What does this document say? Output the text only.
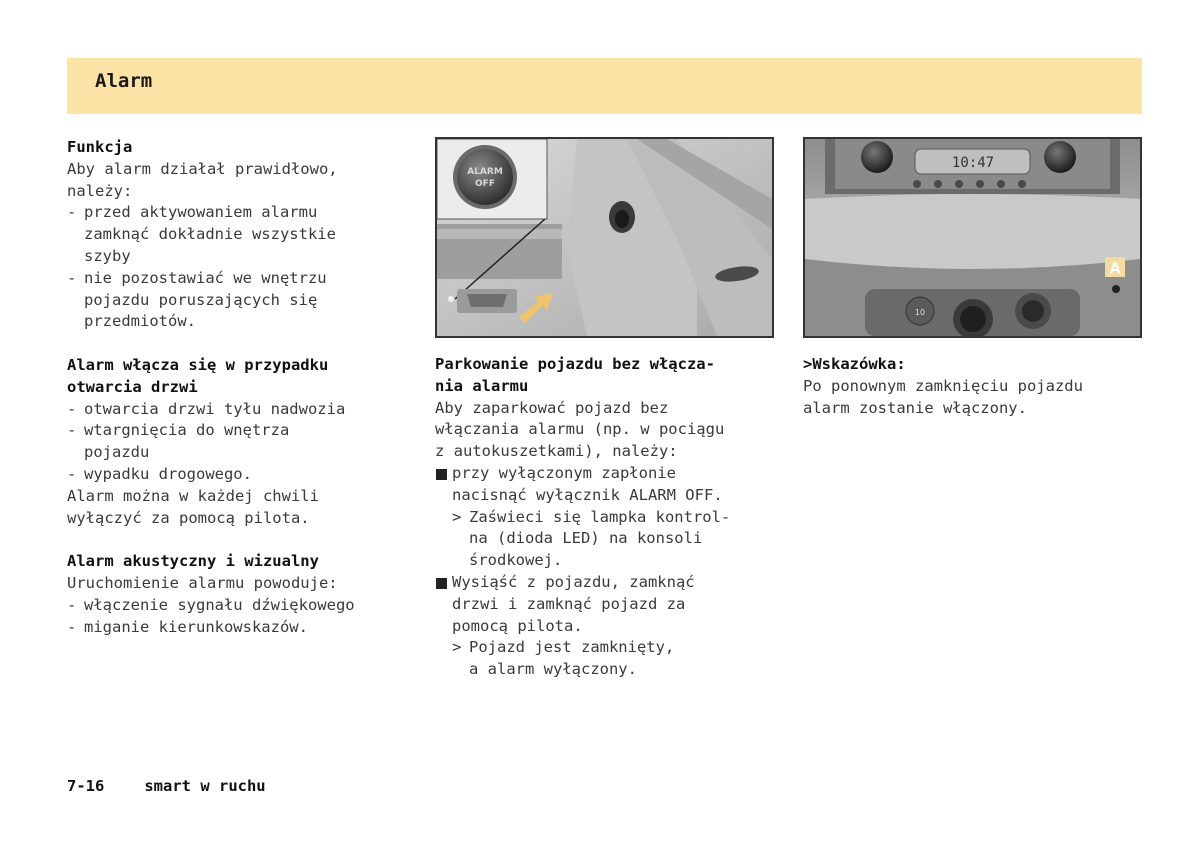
Alarm
Funkcja
Aby alarm działał prawidłowo,
należy:
- przed aktywowaniem alarmu
zamknąć dokładnie wszystkie
szyby
- nie pozostawiać we wnętrzu
pojazdu poruszających się
przedmiotów.
Alarm włącza się w przypadku
otwarcia drzwi
- otwarcia drzwi tyłu nadwozia
- wtargnięcia do wnętrza
pojazdu
- wypadku drogowego.
Alarm można w każdej chwili
wyłączyć za pomocą pilota.
Alarm akustyczny i wizualny
Uruchomienie alarmu powoduje:
- włączenie sygnału dźwiękowego
- miganie kierunkowskazów.
ALARM
OFF
10:47
10
A
Parkowanie pojazdu bez włącza-
nia alarmu
Aby zaparkować pojazd bez
włączania alarmu (np. w pociągu
z autokuszetkami), należy:
przy wyłączonym zapłonie
nacisnąć wyłącznik ALARM OFF.
> Zaświeci się lampka kontrol-
na (dioda LED) na konsoli
środkowej.
Wysiąść z pojazdu, zamknąć
drzwi i zamknąć pojazd za
pomocą pilota.
> Pojazd jest zamknięty,
a alarm wyłączony.
>Wskazówka:
Po ponownym zamknięciu pojazdu
alarm zostanie włączony.
7-16	smart w ruchu
